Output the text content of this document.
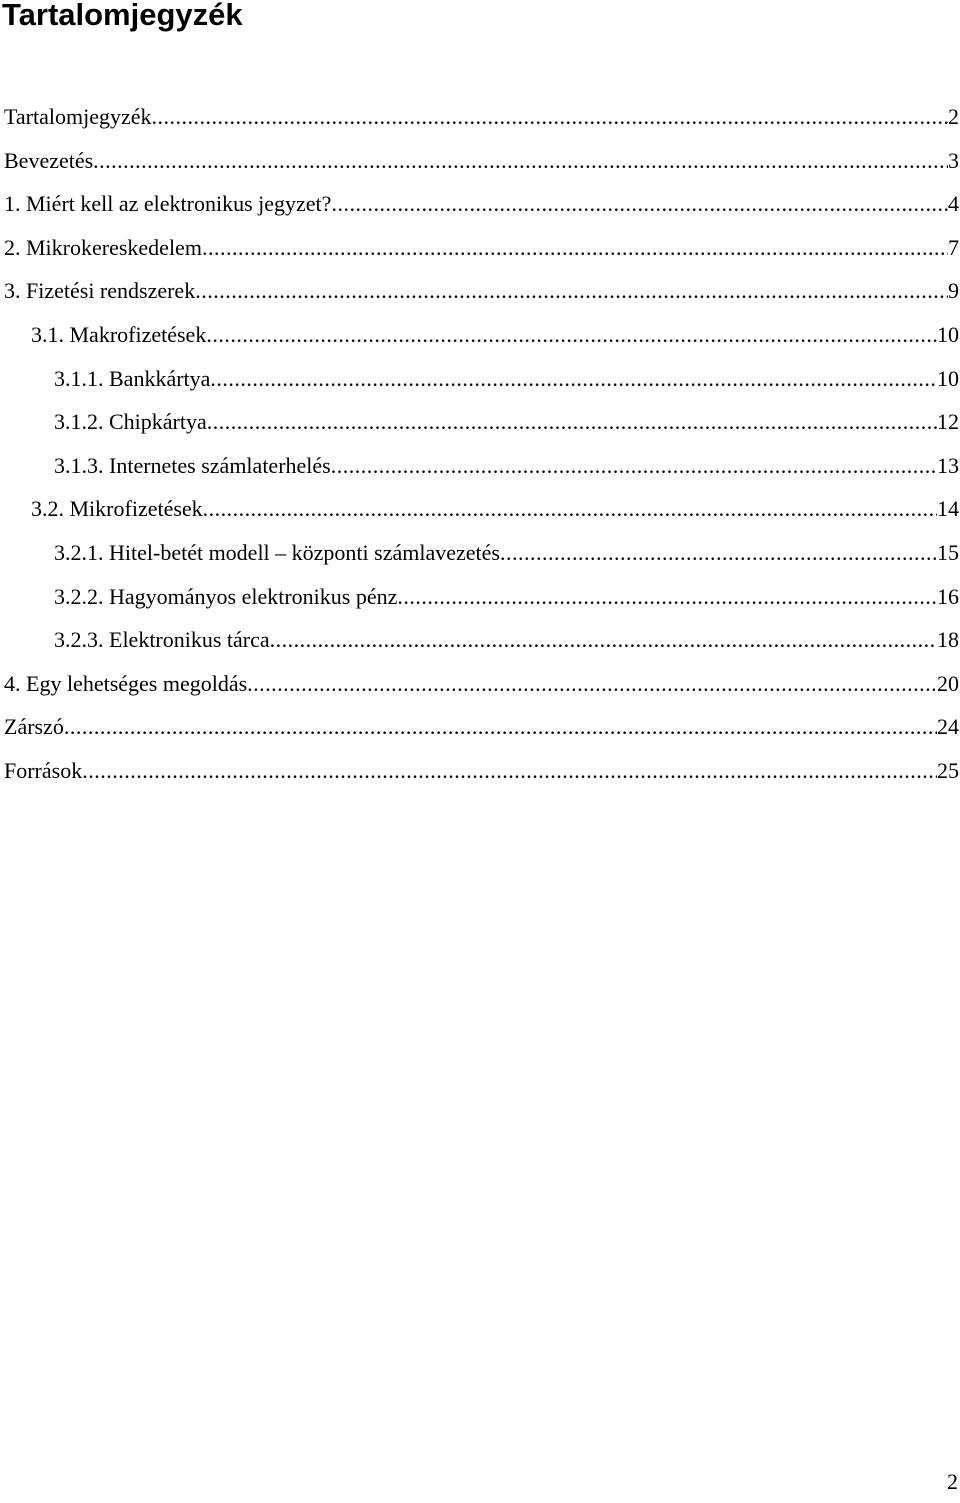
Tartalomjegyzék
Tartalomjegyzék .....	2
Bevezetés .....	3
1. Miért kell az elektronikus jegyzet? .....	4
2. Mikrokereskedelem .....	7
3. Fizetési rendszerek .....	9
3.1. Makrofizetések .....	10
3.1.1. Bankkártya .....	10
3.1.2. Chipkártya .....	12
3.1.3. Internetes számlaterhelés .....	13
3.2. Mikrofizetések .....	14
3.2.1. Hitel-betét modell – központi számlavezetés .....	15
3.2.2. Hagyományos elektronikus pénz .....	16
3.2.3. Elektronikus tárca .....	18
4. Egy lehetséges megoldás .....	20
Zárszó .....	24
Források .....	25
2
